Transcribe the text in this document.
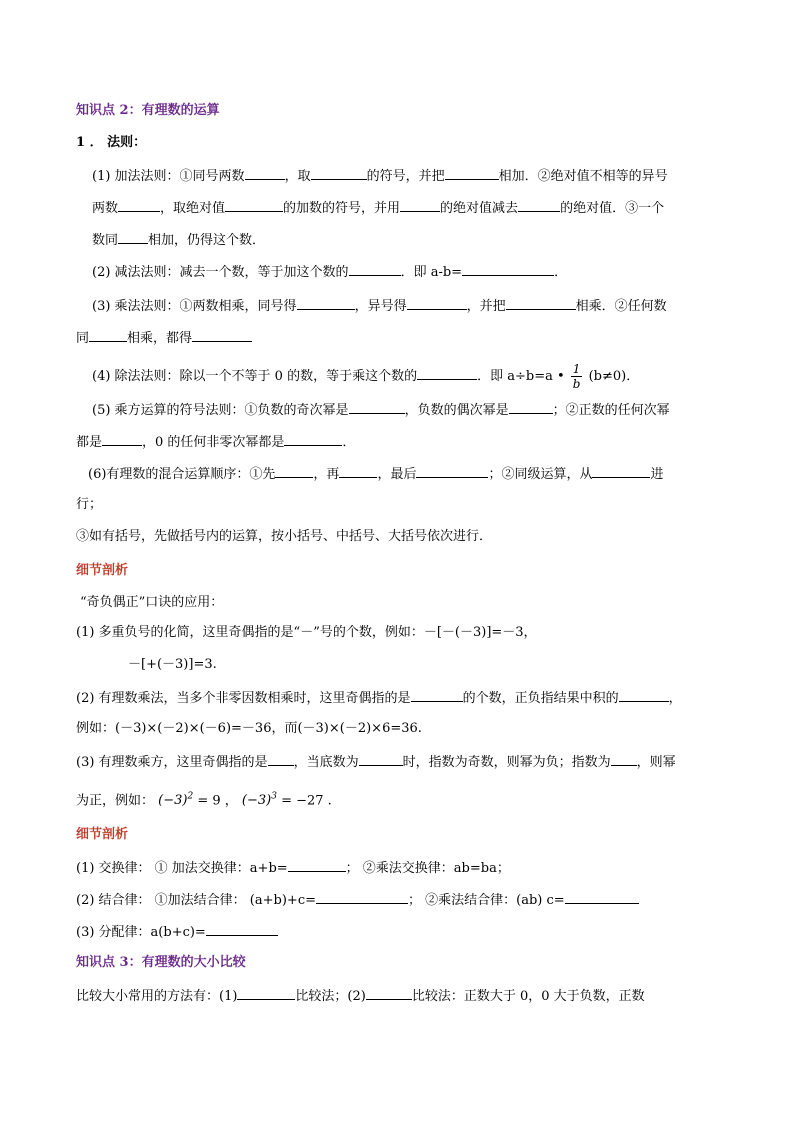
知识点 2：有理数的运算
1 ． 法则：
(1) 加法法则：①同号两数	，取	的符号，并把	相加．②绝对值不相等的异号
两数	，取绝对值	的加数的符号，并用	的绝对值减去	的绝对值．③一个
数同 相加，仍得这个数．
(2) 减法法则：减去一个数，等于加这个数的	．即 a-b=	．
(3) 乘法法则：①两数相乘，同号得	，异号得	，并把	相乘．②任何数
同	相乘，都得
(4) 除法法则：除以一个不等于 0 的数，等于乘这个数的	．即 a÷b=a • $\frac{1}{b} (b\ne 0)$．
(5) 乘方运算的符号法则：①负数的奇次幂是	，负数的偶次幂是	；②正数的任何次幂
都是	，0 的任何非零次幂都是	．
(6)有理数的混合运算顺序：①先	，再	，最后	；②同级运算，从	进
行；
③如有括号，先做括号内的运算，按小括号、中括号、大括号依次进行．
细节剖析
“奇负偶正”口诀的应用：
(1) 多重负号的化简，这里奇偶指的是“－”号的个数，例如：－[－(－3)]=－3，
－[+(－3)]=3.
(2) 有理数乘法，当多个非零因数相乘时，这里奇偶指的是	的个数，正负指结果中积的	，
例如：(－3)×(－2)×(－6)=－36，而(－3)×(－2)×6=36.
(3) 有理数乘方，这里奇偶指的是 ，当底数为	时，指数为奇数，则幂为负；指数为 ，则幂
为正，例如： $(-3)^2 = 9$ ， $(-3)^3 = -27$ .
细节剖析
(1) 交换律： ① 加法交换律：a+b=	； ②乘法交换律：ab=ba；
(2) 结合律： ①加法结合律： (a+b)+c=	； ②乘法结合律：(ab) c=
(3) 分配律：a(b+c)=
知识点 3：有理数的大小比较
比较大小常用的方法有：(1)	比较法；(2)	比较法：正数大于 0，0 大于负数，正数
